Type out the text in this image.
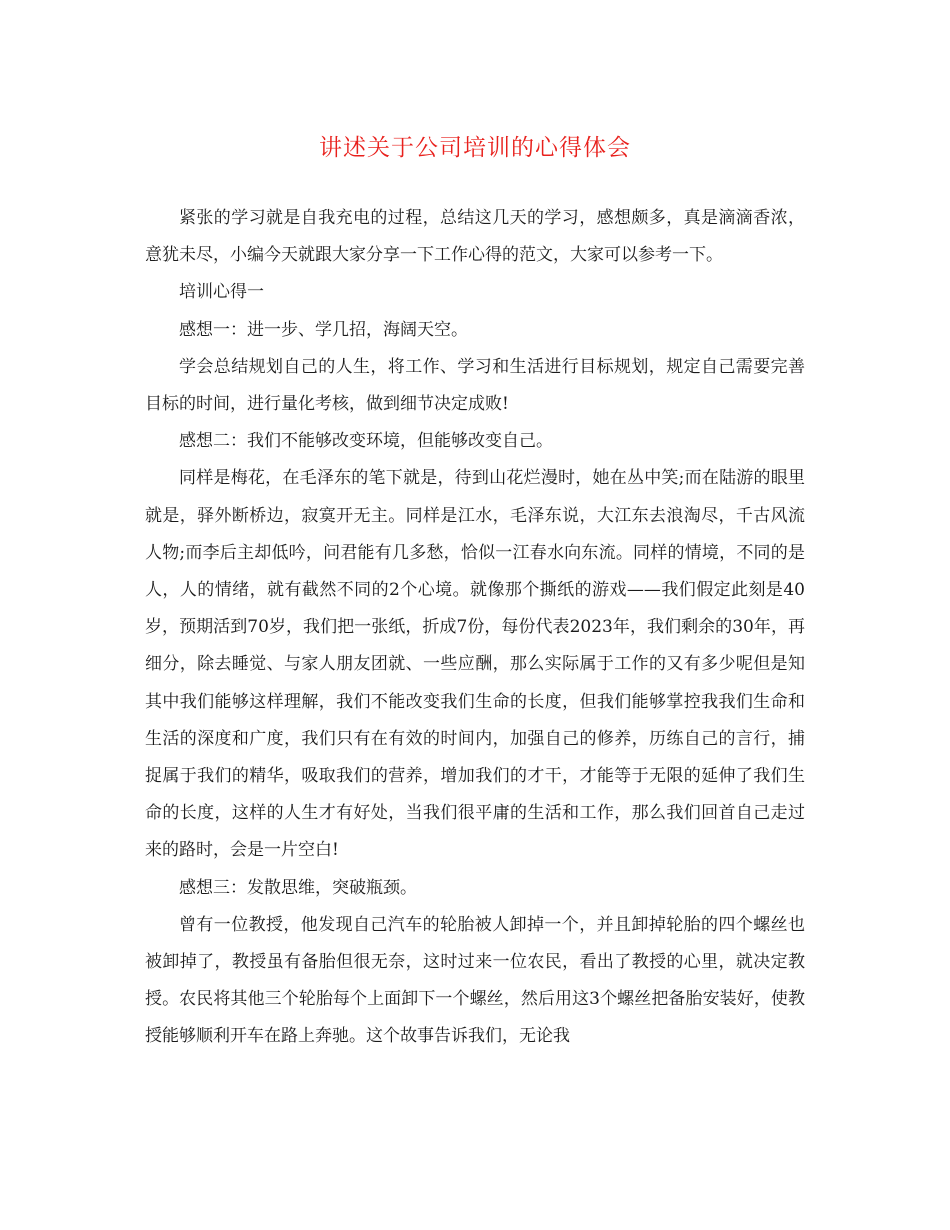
讲述关于公司培训的心得体会

紧张的学习就是自我充电的过程，总结这几天的学习，感想颇多，真是滴滴香浓，意犹未尽，小编今天就跟大家分享一下工作心得的范文，大家可以参考一下。

培训心得一

感想一：进一步、学几招，海阔天空。

学会总结规划自己的人生，将工作、学习和生活进行目标规划，规定自己需要完善目标的时间，进行量化考核，做到细节决定成败!

感想二：我们不能够改变环境，但能够改变自己。

同样是梅花，在毛泽东的笔下就是，待到山花烂漫时，她在丛中笑;而在陆游的眼里就是，驿外断桥边，寂寞开无主。同样是江水，毛泽东说，大江东去浪淘尽，千古风流人物;而李后主却低吟，问君能有几多愁，恰似一江春水向东流。同样的情境，不同的是人，人的情绪，就有截然不同的2个心境。就像那个撕纸的游戏——我们假定此刻是40岁，预期活到70岁，我们把一张纸，折成7份，每份代表2023年，我们剩余的30年，再细分，除去睡觉、与家人朋友团就、一些应酬，那么实际属于工作的又有多少呢但是知其中我们能够这样理解，我们不能改变我们生命的长度，但我们能够掌控我我们生命和生活的深度和广度，我们只有在有效的时间内，加强自己的修养，历练自己的言行，捕捉属于我们的精华，吸取我们的营养，增加我们的才干，才能等于无限的延伸了我们生命的长度，这样的人生才有好处，当我们很平庸的生活和工作，那么我们回首自己走过来的路时，会是一片空白!

感想三：发散思维，突破瓶颈。

曾有一位教授，他发现自己汽车的轮胎被人卸掉一个，并且卸掉轮胎的四个螺丝也被卸掉了，教授虽有备胎但很无奈，这时过来一位农民，看出了教授的心里，就决定教授。农民将其他三个轮胎每个上面卸下一个螺丝，然后用这3个螺丝把备胎安装好，使教授能够顺利开车在路上奔驰。这个故事告诉我们，无论我
